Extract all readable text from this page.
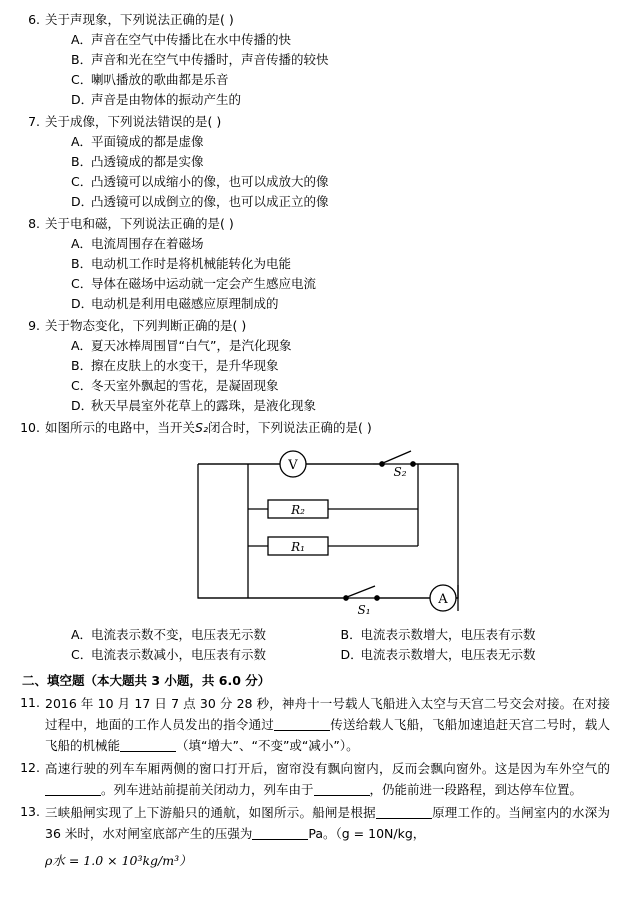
6. 关于声现象，下列说法正确的是( )
A．声音在空气中传播比在水中传播的快
B．声音和光在空气中传播时，声音传播的较快
C．喇叭播放的歌曲都是乐音
D．声音是由物体的振动产生的
7. 关于成像，下列说法错误的是( )
A．平面镜成的都是虚像
B．凸透镜成的都是实像
C．凸透镜可以成缩小的像，也可以成放大的像
D．凸透镜可以成倒立的像，也可以成正立的像
8. 关于电和磁，下列说法正确的是( )
A．电流周围存在着磁场
B．电动机工作时是将机械能转化为电能
C．导体在磁场中运动就一定会产生感应电流
D．电动机是利用电磁感应原理制成的
9. 关于物态变化，下列判断正确的是( )
A．夏天冰棒周围冒“白气”，是汽化现象
B．擦在皮肤上的水变干，是升华现象
C．冬天室外飘起的雪花，是凝固现象
D．秋天早晨室外花草上的露珠，是液化现象
10. 如图所示的电路中，当开关S₂闭合时，下列说法正确的是( )
V
A
S₂
S₁
R₂
R₁
A．电流表示数不变，电压表无示数	B．电流表示数增大，电压表有示数
C．电流表示数减小，电压表有示数	D．电流表示数增大，电压表无示数
二、填空题（本大题共 3 小题，共 6.0 分）
11. 2016 年 10 月 17 日 7 点 30 分 28 秒，神舟十一号载人飞船进入太空与天宫二号交会对接。在对接过程中，地面的工作人员发出的指令通过	传送给载人飞船，飞船加速追赶天宫二号时，载人飞船的机械能	（填“增大”、“不变”或“减小”）。
12. 高速行驶的列车车厢两侧的窗口打开后，窗帘没有飘向窗内，反而会飘向窗外。这是因为车外空气的。列车进站前提前关闭动力，列车由于	，仍能前进一段路程，到达停车位置。
13. 三峡船闸实现了上下游船只的通航，如图所示。船闸是根据	原理工作的。当闸室内的水深为 36 米时，水对闸室底部产生的压强为	Pa。（g = 10N/kg，
ρ水 = 1.0 × 10³kg/m³）
